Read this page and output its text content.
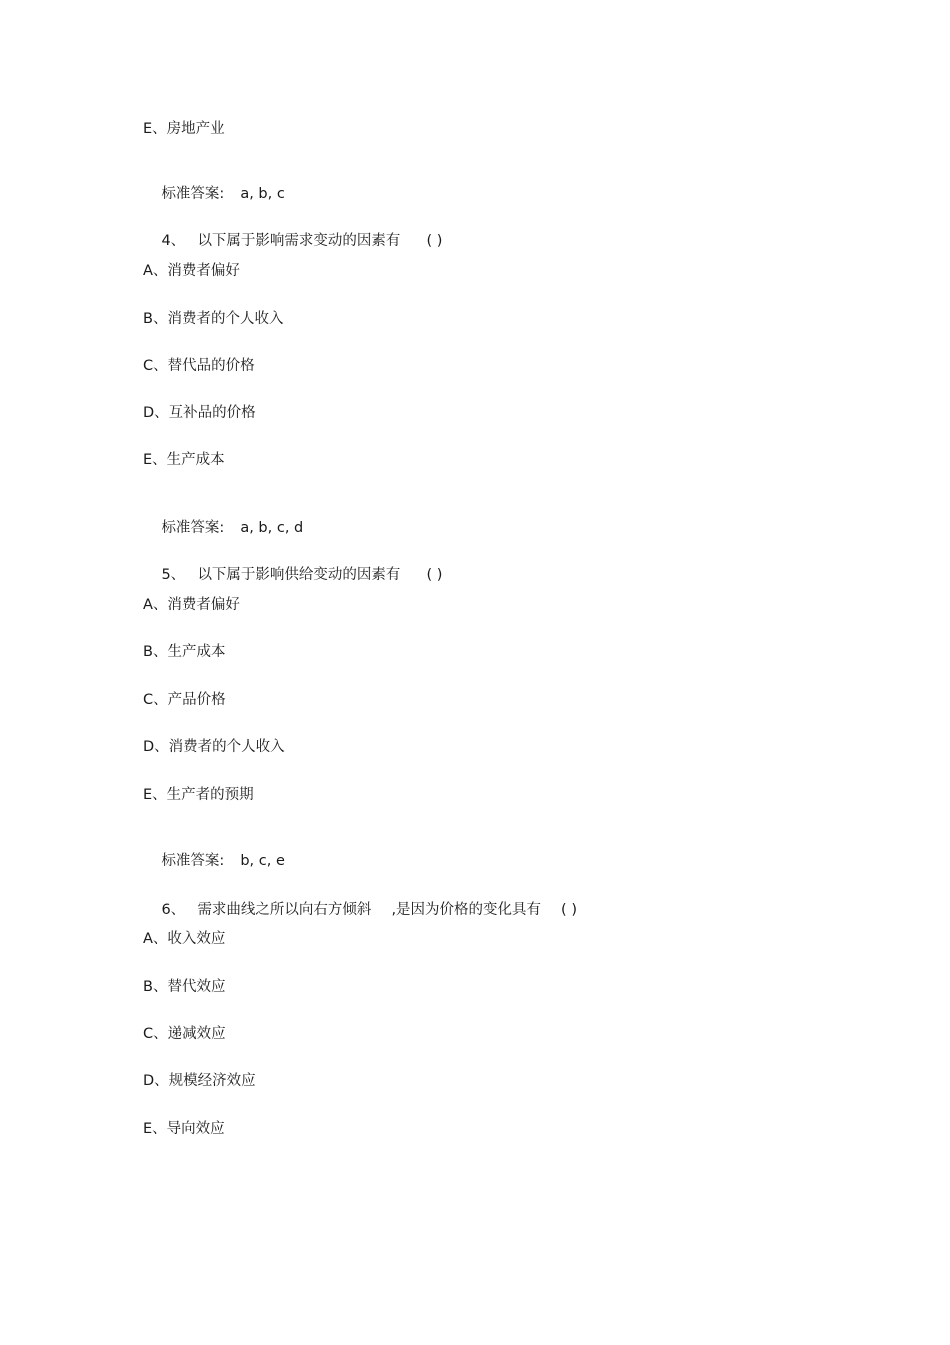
E、房地产业

标准答案: a, b, c

4、 以下属于影响需求变动的因素有 ( )

A、消费者偏好
B、消费者的个人收入
C、替代品的价格
D、互补品的价格
E、生产成本

标准答案: a, b, c, d

5、 以下属于影响供给变动的因素有 ( )

A、消费者偏好
B、生产成本
C、产品价格
D、消费者的个人收入
E、生产者的预期

标准答案: b, c, e

6、 需求曲线之所以向右方倾斜 ,是因为价格的变化具有 ( )

A、收入效应
B、替代效应
C、递减效应
D、规模经济效应
E、导向效应
